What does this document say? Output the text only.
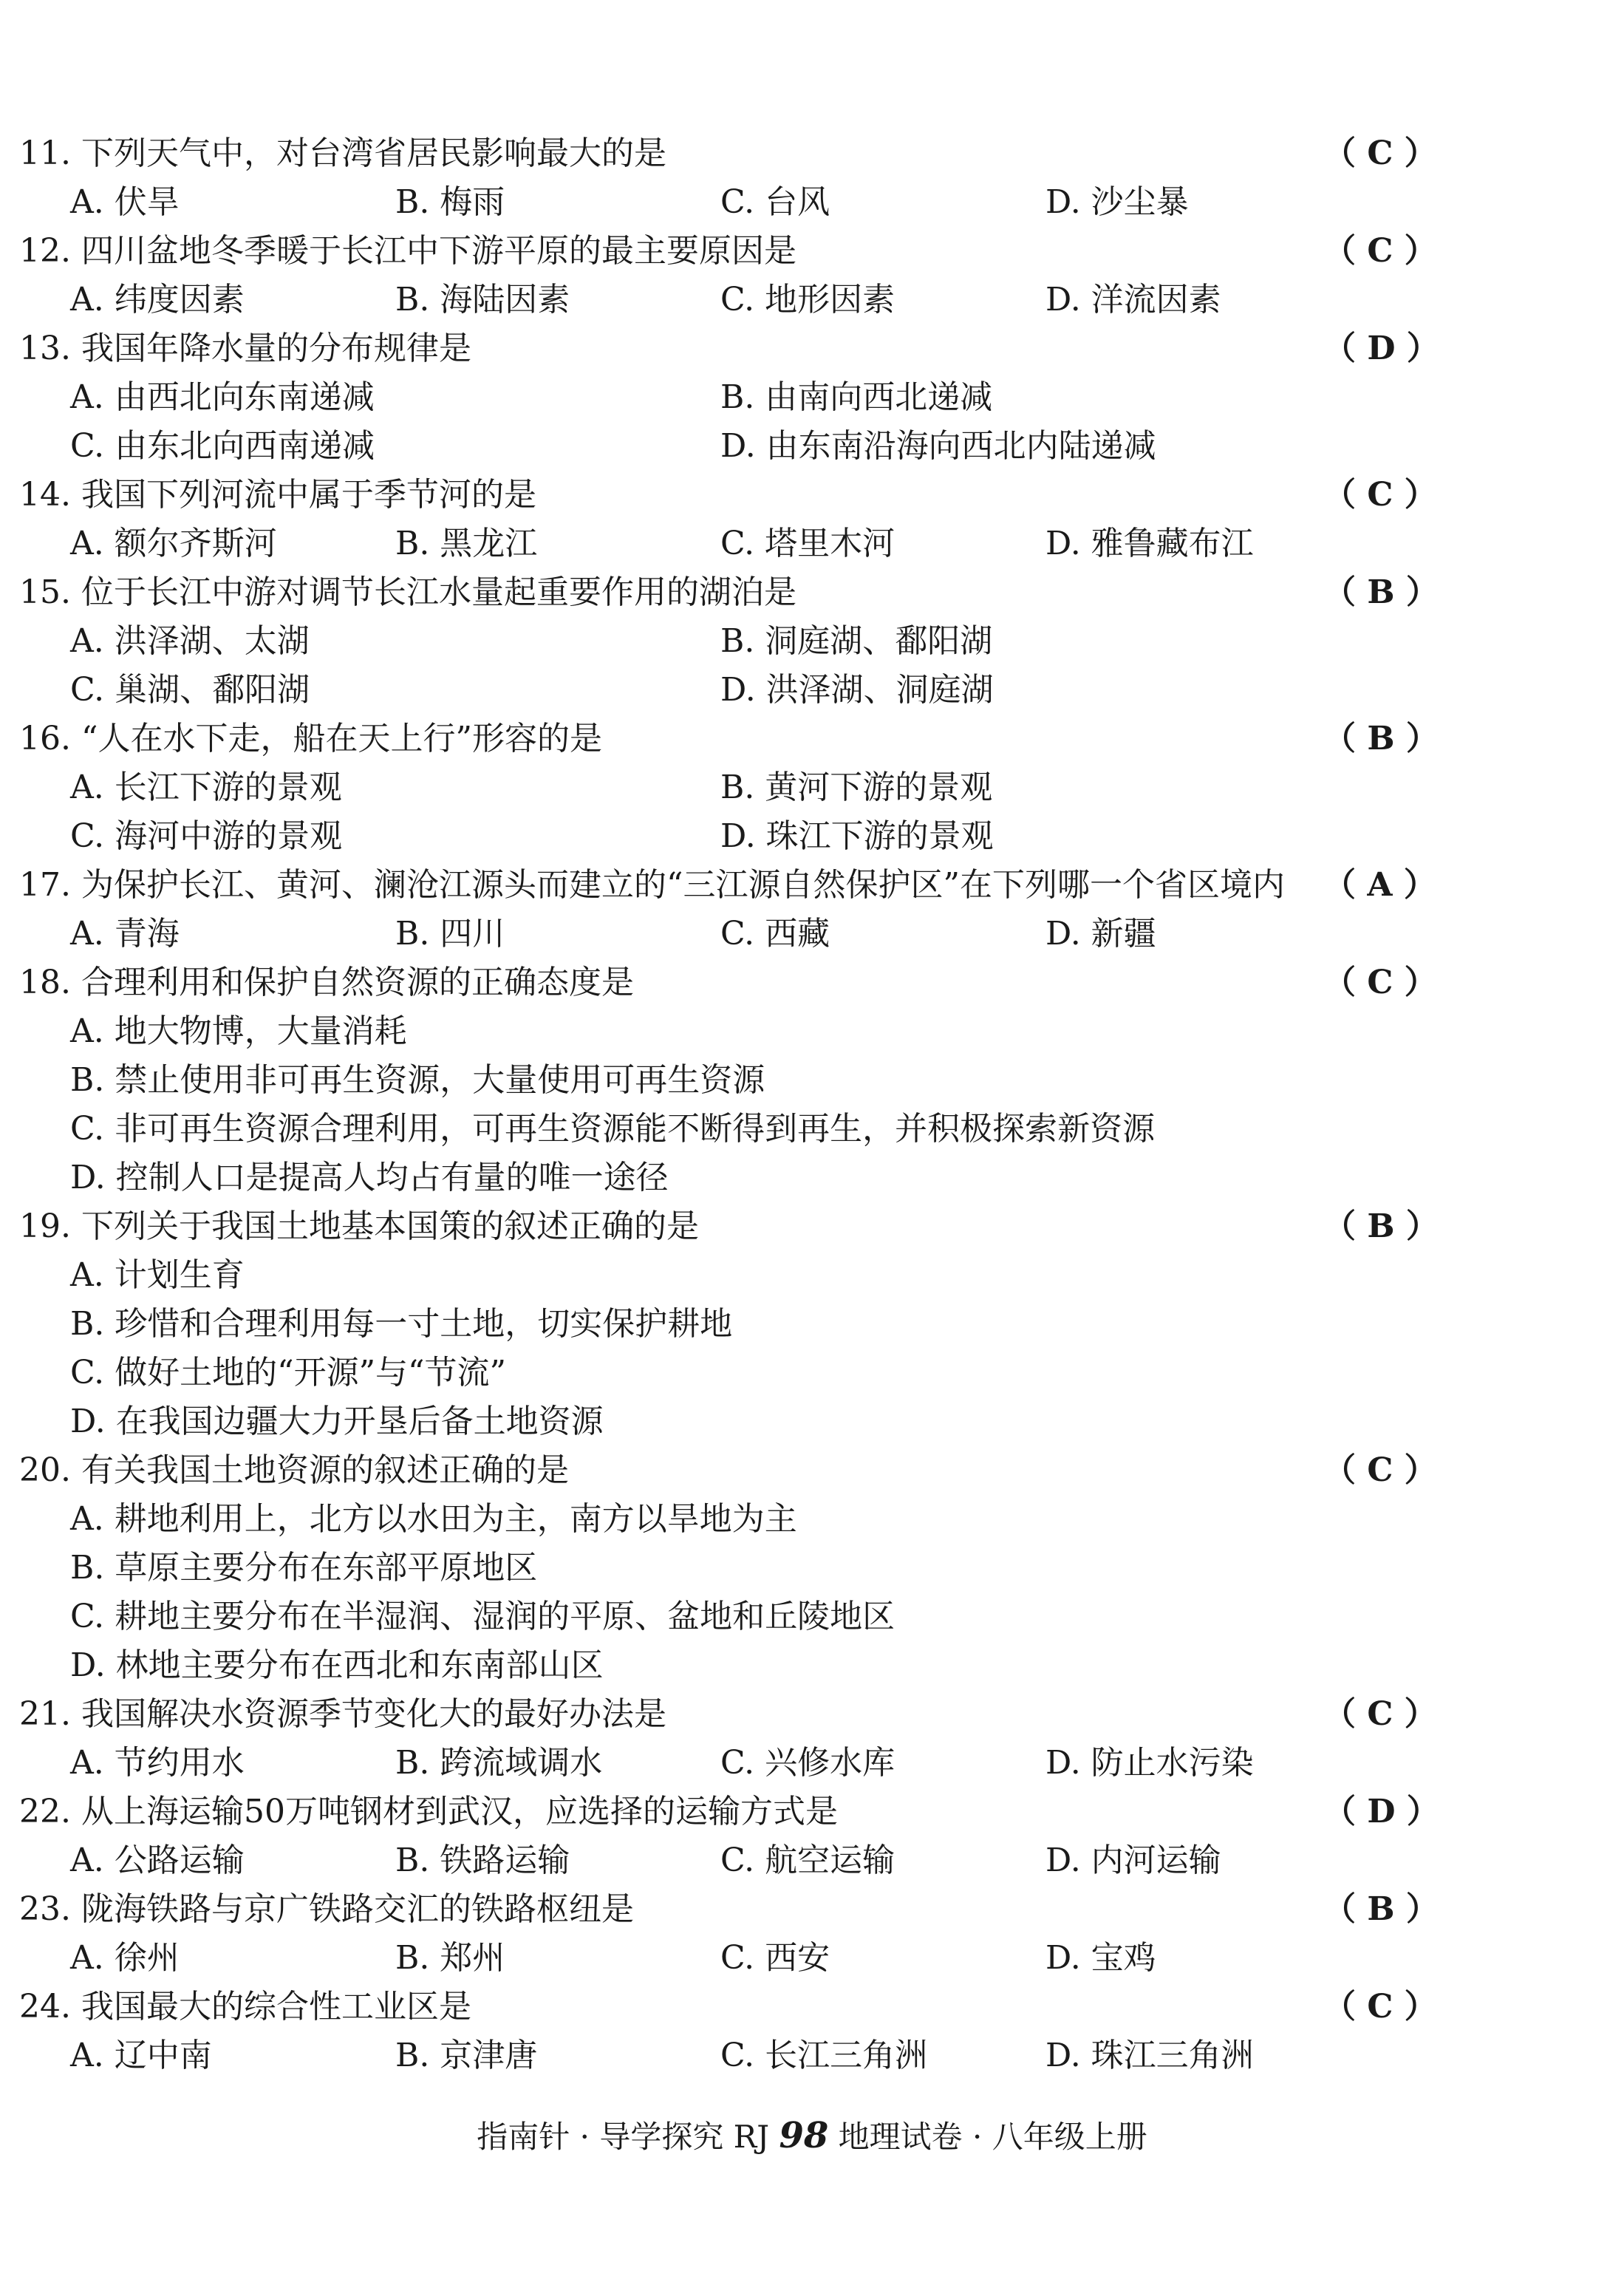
11. 下列天气中，对台湾省居民影响最大的是	（ C ）
A. 伏旱	B. 梅雨	C. 台风	D. 沙尘暴
12. 四川盆地冬季暖于长江中下游平原的最主要原因是	（ C ）
A. 纬度因素	B. 海陆因素	C. 地形因素	D. 洋流因素
13. 我国年降水量的分布规律是	（ D ）
A. 由西北向东南递减	B. 由南向西北递减
C. 由东北向西南递减	D. 由东南沿海向西北内陆递减
14. 我国下列河流中属于季节河的是	（ C ）
A. 额尔齐斯河	B. 黑龙江	C. 塔里木河	D. 雅鲁藏布江
15. 位于长江中游对调节长江水量起重要作用的湖泊是	（ B ）
A. 洪泽湖、太湖	B. 洞庭湖、鄱阳湖
C. 巢湖、鄱阳湖	D. 洪泽湖、洞庭湖
16. “人在水下走，船在天上行”形容的是	（ B ）
A. 长江下游的景观	B. 黄河下游的景观
C. 海河中游的景观	D. 珠江下游的景观
17. 为保护长江、黄河、澜沧江源头而建立的“三江源自然保护区”在下列哪一个省区境内 （ A ）
A. 青海	B. 四川	C. 西藏	D. 新疆
18. 合理利用和保护自然资源的正确态度是	（ C ）
A. 地大物博，大量消耗
B. 禁止使用非可再生资源，大量使用可再生资源
C. 非可再生资源合理利用，可再生资源能不断得到再生，并积极探索新资源
D. 控制人口是提高人均占有量的唯一途径
19. 下列关于我国土地基本国策的叙述正确的是	（ B ）
A. 计划生育
B. 珍惜和合理利用每一寸土地，切实保护耕地
C. 做好土地的“开源”与“节流”
D. 在我国边疆大力开垦后备土地资源
20. 有关我国土地资源的叙述正确的是	（ C ）
A. 耕地利用上，北方以水田为主，南方以旱地为主
B. 草原主要分布在东部平原地区
C. 耕地主要分布在半湿润、湿润的平原、盆地和丘陵地区
D. 林地主要分布在西北和东南部山区
21. 我国解决水资源季节变化大的最好办法是	（ C ）
A. 节约用水	B. 跨流域调水	C. 兴修水库	D. 防止水污染
22. 从上海运输50万吨钢材到武汉，应选择的运输方式是	（ D ）
A. 公路运输	B. 铁路运输	C. 航空运输	D. 内河运输
23. 陇海铁路与京广铁路交汇的铁路枢纽是	（ B ）
A. 徐州	B. 郑州	C. 西安	D. 宝鸡
24. 我国最大的综合性工业区是	（ C ）
A. 辽中南	B. 京津唐	C. 长江三角洲	D. 珠江三角洲
指南针 · 导学探究 RJ 98 地理试卷 · 八年级上册
